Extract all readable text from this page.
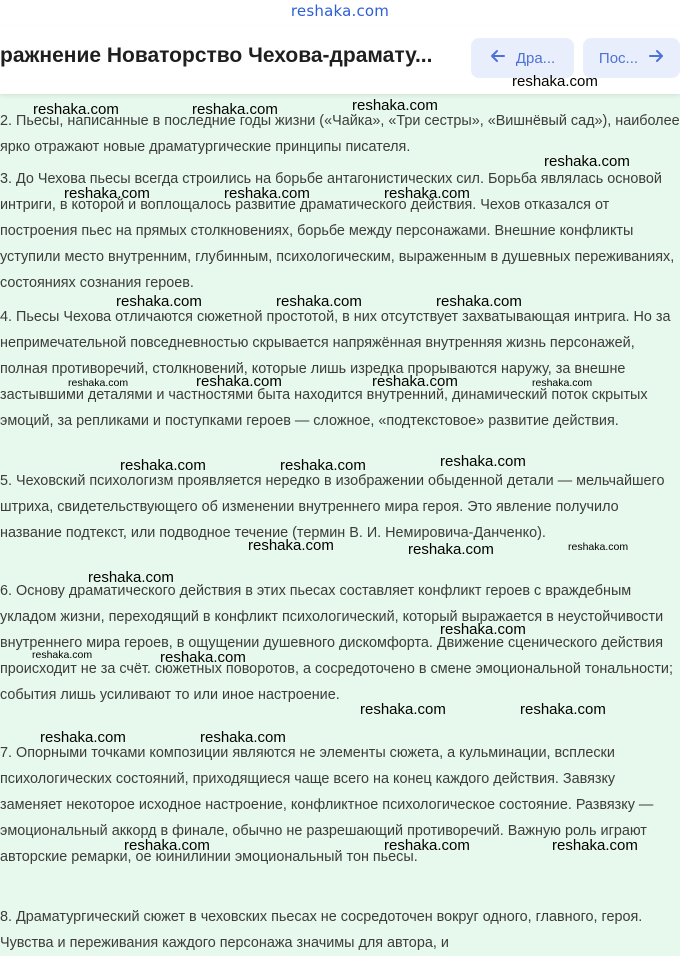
reshaka.com
ражнение Новаторство Чехова-драмату...	Дра...	Пос...

2. Пьесы, написанные в последние годы жизни («Чайка», «Три сестры», «Вишнёвый сад»), наиболее ярко отражают новые драматургические принципы писателя.

3. До Чехова пьесы всегда строились на борьбе антагонистических сил. Борьба являлась основой интриги, в которой и воплощалось развитие драматического действия. Чехов отказался от построения пьес на прямых столкновениях, борьбе между персонажами. Внешние конфликты уступили место внутренним, глубинным, психологическим, выраженным в душевных переживаниях, состояниях сознания героев.

4. Пьесы Чехова отличаются сюжетной простотой, в них отсутствует захватывающая интрига. Но за непримечательной повседневностью скрывается напряжённая внутренняя жизнь персонажей, полная противоречий, столкновений, которые лишь изредка прорываются наружу, за внешне застывшими деталями и частностями быта находится внутренний, динамический поток скрытых эмоций, за репликами и поступками героев — сложное, «подтекстовое» развитие действия.

5. Чеховский психологизм проявляется нередко в изображении обыденной детали — мельчайшего штриха, свидетельствующего об изменении внутреннего мира героя. Это явление получило название подтекст, или подводное течение (термин В. И. Немировича-Данченко).

6. Основу драматического действия в этих пьесах составляет конфликт героев с враждебным укладом жизни, переходящий в конфликт психологический, который выражается в неустойчивости внутреннего мира героев, в ощущении душевного дискомфорта. Движение сценического действия происходит не за счёт. сюжетных поворотов, а сосредоточено в смене эмоциональной тональности; события лишь усиливают то или иное настроение.

7. Опорными точками композиции являются не элементы сюжета, а кульминации, всплески психологических состояний, приходящиеся чаще всего на конец каждого действия. Завязку заменяет некоторое исходное настроение, конфликтное психологическое состояние. Развязку — эмоциональный аккорд в финале, обычно не разрешающий противоречий. Важную роль играют авторские ремарки, ое юинилинии эмоциональный тон пьесы.

8. Драматургический сюжет в чеховских пьесах не сосредоточен вокруг одного, главного, героя. Чувства и переживания каждого персонажа значимы для автора, и

reshaka.com	reshaka.com	reshaka.com
reshaka.com
reshaka.com
reshaka.com	reshaka.com	reshaka.com
reshaka.com	reshaka.com	reshaka.com
reshaka.com	reshaka.com	reshaka.com	reshaka.com
reshaka.com	reshaka.com	reshaka.com
reshaka.com	reshaka.com	reshaka.com
reshaka.com
reshaka.com
reshaka.com	reshaka.com
reshaka.com	reshaka.com
reshaka.com	reshaka.com
reshaka.com	reshaka.com	reshaka.com
